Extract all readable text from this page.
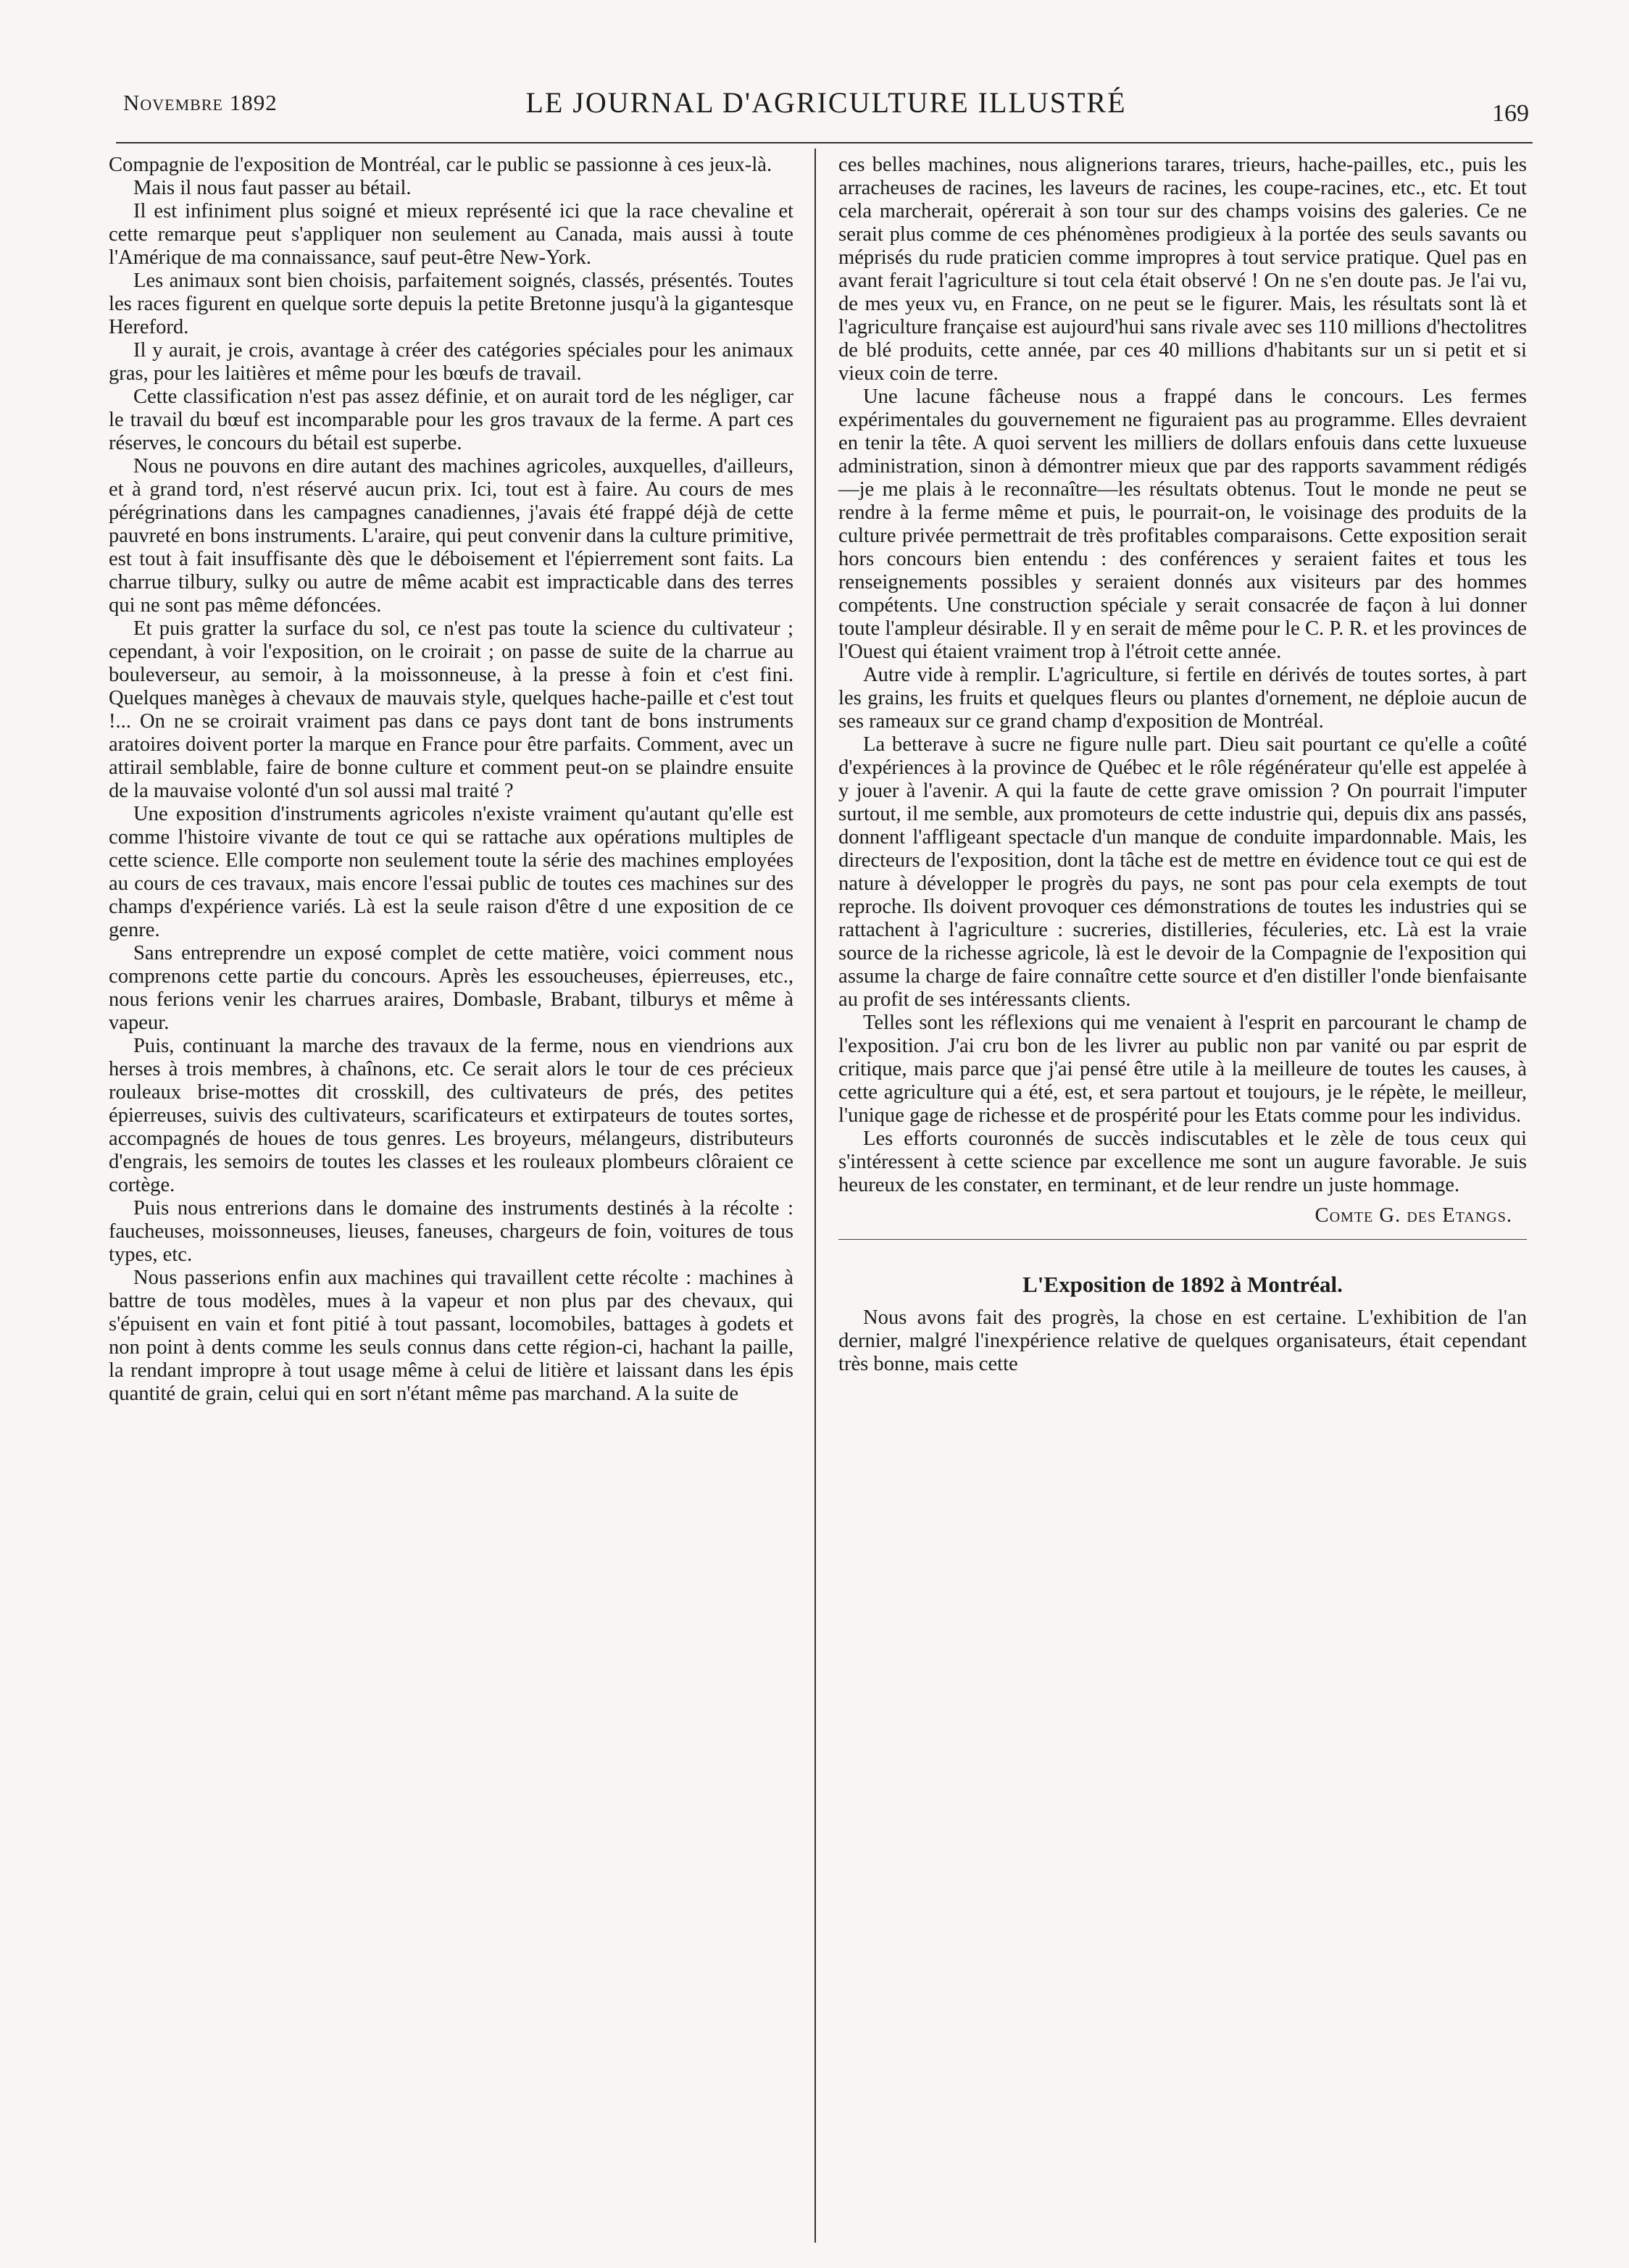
Novembre 1892	LE JOURNAL D'AGRICULTURE ILLUSTRÉ	169

Compagnie de l'exposition de Montréal, car le public se passionne à ces jeux-là.

Mais il nous faut passer au bétail.

Il est infiniment plus soigné et mieux représenté ici que la race chevaline et cette remarque peut s'appliquer non seulement au Canada, mais aussi à toute l'Amérique de ma connaissance, sauf peut-être New-York.

Les animaux sont bien choisis, parfaitement soignés, classés, présentés. Toutes les races figurent en quelque sorte depuis la petite Bretonne jusqu'à la gigantesque Hereford.

Il y aurait, je crois, avantage à créer des catégories spéciales pour les animaux gras, pour les laitières et même pour les bœufs de travail.

Cette classification n'est pas assez définie, et on aurait tord de les négliger, car le travail du bœuf est incomparable pour les gros travaux de la ferme. A part ces réserves, le concours du bétail est superbe.

Nous ne pouvons en dire autant des machines agricoles, auxquelles, d'ailleurs, et à grand tord, n'est réservé aucun prix. Ici, tout est à faire. Au cours de mes pérégrinations dans les campagnes canadiennes, j'avais été frappé déjà de cette pauvreté en bons instruments. L'araire, qui peut convenir dans la culture primitive, est tout à fait insuffisante dès que le déboisement et l'épierrement sont faits. La charrue tilbury, sulky ou autre de même acabit est impracticable dans des terres qui ne sont pas même défoncées.

Et puis gratter la surface du sol, ce n'est pas toute la science du cultivateur ; cependant, à voir l'exposition, on le croirait ; on passe de suite de la charrue au bouleverseur, au semoir, à la moissonneuse, à la presse à foin et c'est fini. Quelques manèges à chevaux de mauvais style, quelques hache-paille et c'est tout !... On ne se croirait vraiment pas dans ce pays dont tant de bons instruments aratoires doivent porter la marque en France pour être parfaits. Comment, avec un attirail semblable, faire de bonne culture et comment peut-on se plaindre ensuite de la mauvaise volonté d'un sol aussi mal traité ?

Une exposition d'instruments agricoles n'existe vraiment qu'autant qu'elle est comme l'histoire vivante de tout ce qui se rattache aux opérations multiples de cette science. Elle comporte non seulement toute la série des machines employées au cours de ces travaux, mais encore l'essai public de toutes ces machines sur des champs d'expérience variés. Là est la seule raison d'être d une exposition de ce genre.

Sans entreprendre un exposé complet de cette matière, voici comment nous comprenons cette partie du concours. Après les essoucheuses, épierreuses, etc., nous ferions venir les charrues araires, Dombasle, Brabant, tilburys et même à vapeur.

Puis, continuant la marche des travaux de la ferme, nous en viendrions aux herses à trois membres, à chaînons, etc. Ce serait alors le tour de ces précieux rouleaux brise-mottes dit crosskill, des cultivateurs de prés, des petites épierreuses, suivis des cultivateurs, scarificateurs et extirpateurs de toutes sortes, accompagnés de houes de tous genres. Les broyeurs, mélangeurs, distributeurs d'engrais, les semoirs de toutes les classes et les rouleaux plombeurs clôraient ce cortège.

Puis nous entrerions dans le domaine des instruments destinés à la récolte : faucheuses, moissonneuses, lieuses, faneuses, chargeurs de foin, voitures de tous types, etc.

Nous passerions enfin aux machines qui travaillent cette récolte : machines à battre de tous modèles, mues à la vapeur et non plus par des chevaux, qui s'épuisent en vain et font pitié à tout passant, locomobiles, battages à godets et non point à dents comme les seuls connus dans cette région-ci, hachant la paille, la rendant impropre à tout usage même à celui de litière et laissant dans les épis quantité de grain, celui qui en sort n'étant même pas marchand. A la suite de

ces belles machines, nous alignerions tarares, trieurs, hache-pailles, etc., puis les arracheuses de racines, les laveurs de racines, les coupe-racines, etc., etc. Et tout cela marcherait, opérerait à son tour sur des champs voisins des galeries. Ce ne serait plus comme de ces phénomènes prodigieux à la portée des seuls savants ou méprisés du rude praticien comme impropres à tout service pratique. Quel pas en avant ferait l'agriculture si tout cela était observé ! On ne s'en doute pas. Je l'ai vu, de mes yeux vu, en France, on ne peut se le figurer. Mais, les résultats sont là et l'agriculture française est aujourd'hui sans rivale avec ses 110 millions d'hectolitres de blé produits, cette année, par ces 40 millions d'habitants sur un si petit et si vieux coin de terre.

Une lacune fâcheuse nous a frappé dans le concours. Les fermes expérimentales du gouvernement ne figuraient pas au programme. Elles devraient en tenir la tête. A quoi servent les milliers de dollars enfouis dans cette luxueuse administration, sinon à démontrer mieux que par des rapports savamment rédigés—je me plais à le reconnaître—les résultats obtenus. Tout le monde ne peut se rendre à la ferme même et puis, le pourrait-on, le voisinage des produits de la culture privée permettrait de très profitables comparaisons. Cette exposition serait hors concours bien entendu : des conférences y seraient faites et tous les renseignements possibles y seraient donnés aux visiteurs par des hommes compétents. Une construction spéciale y serait consacrée de façon à lui donner toute l'ampleur désirable. Il y en serait de même pour le C. P. R. et les provinces de l'Ouest qui étaient vraiment trop à l'étroit cette année.

Autre vide à remplir. L'agriculture, si fertile en dérivés de toutes sortes, à part les grains, les fruits et quelques fleurs ou plantes d'ornement, ne déploie aucun de ses rameaux sur ce grand champ d'exposition de Montréal.

La betterave à sucre ne figure nulle part. Dieu sait pourtant ce qu'elle a coûté d'expériences à la province de Québec et le rôle régénérateur qu'elle est appelée à y jouer à l'avenir. A qui la faute de cette grave omission ? On pourrait l'imputer surtout, il me semble, aux promoteurs de cette industrie qui, depuis dix ans passés, donnent l'affligeant spectacle d'un manque de conduite impardonnable. Mais, les directeurs de l'exposition, dont la tâche est de mettre en évidence tout ce qui est de nature à développer le progrès du pays, ne sont pas pour cela exempts de tout reproche. Ils doivent provoquer ces démonstrations de toutes les industries qui se rattachent à l'agriculture : sucreries, distilleries, féculeries, etc. Là est la vraie source de la richesse agricole, là est le devoir de la Compagnie de l'exposition qui assume la charge de faire connaître cette source et d'en distiller l'onde bienfaisante au profit de ses intéressants clients.

Telles sont les réflexions qui me venaient à l'esprit en parcourant le champ de l'exposition. J'ai cru bon de les livrer au public non par vanité ou par esprit de critique, mais parce que j'ai pensé être utile à la meilleure de toutes les causes, à cette agriculture qui a été, est, et sera partout et toujours, je le répète, le meilleur, l'unique gage de richesse et de prospérité pour les Etats comme pour les individus.

Les efforts couronnés de succès indiscutables et le zèle de tous ceux qui s'intéressent à cette science par excellence me sont un augure favorable. Je suis heureux de les constater, en terminant, et de leur rendre un juste hommage.

Comte G. des Etangs.
L'Exposition de 1892 à Montréal.

Nous avons fait des progrès, la chose en est certaine. L'exhibition de l'an dernier, malgré l'inexpérience relative de quelques organisateurs, était cependant très bonne, mais cette
